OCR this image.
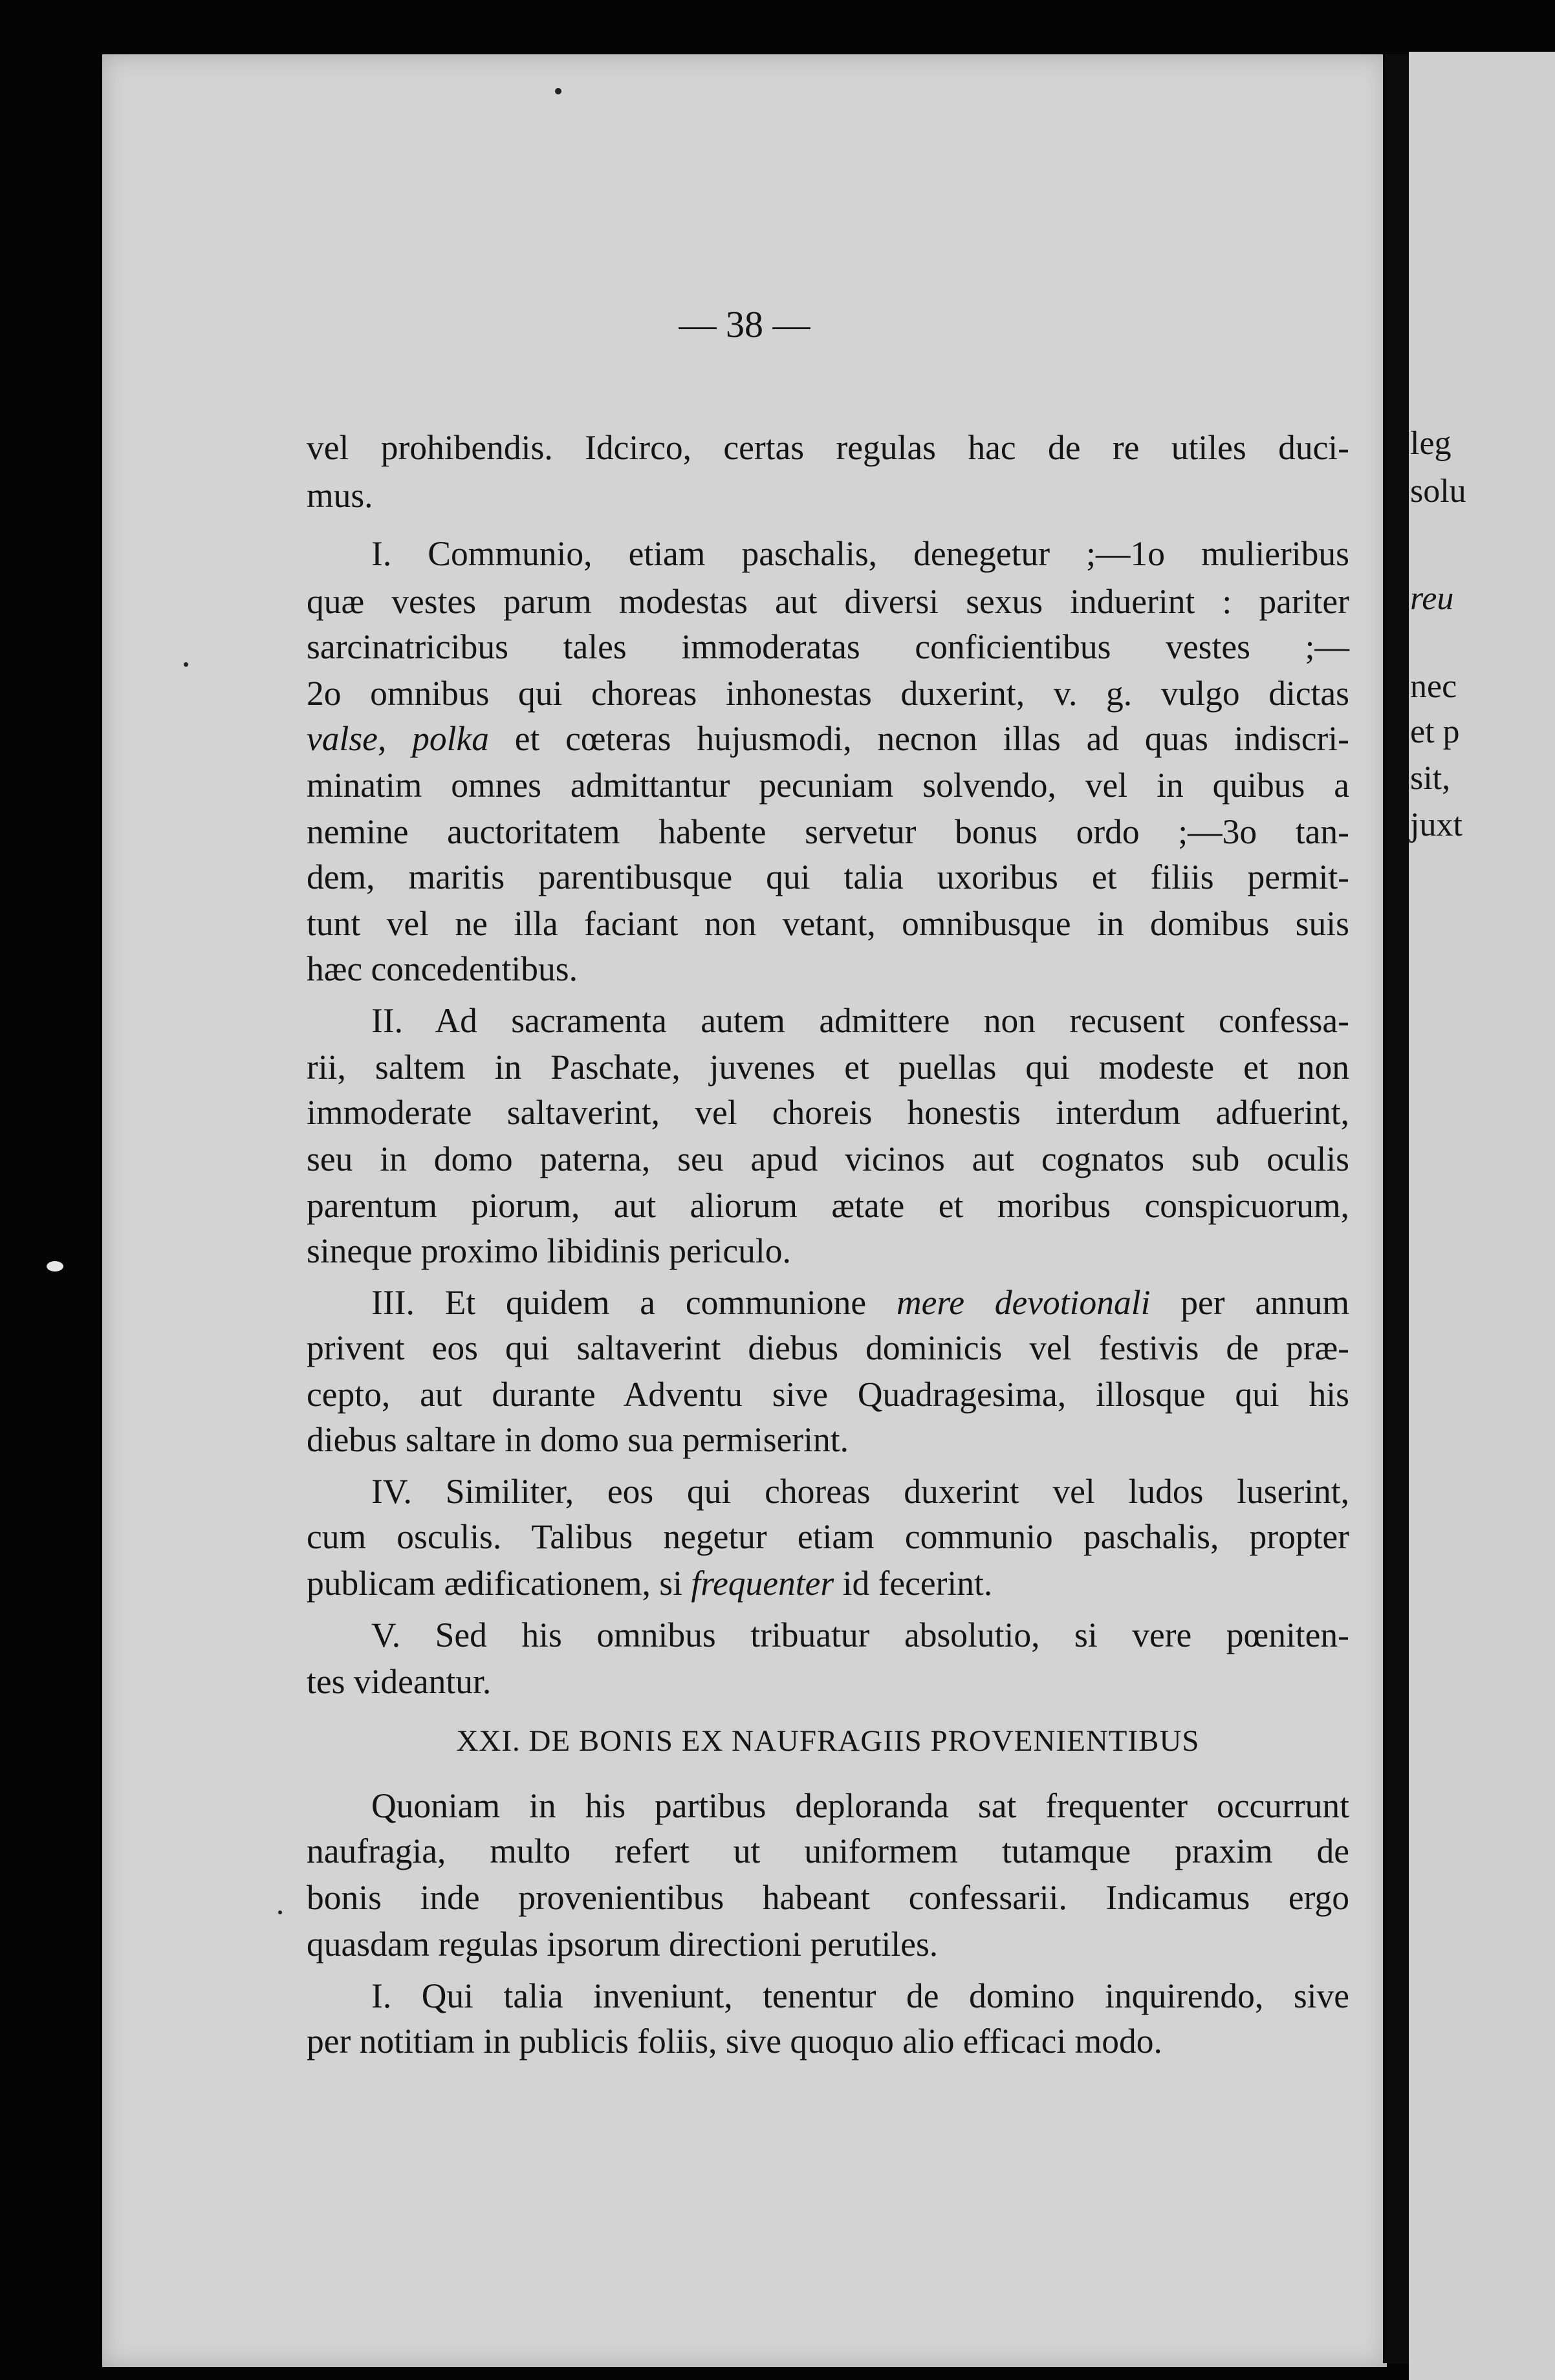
— 38 —
vel prohibendis. Idcirco, certas regulas hac de re utiles duci-
mus.
I. Communio, etiam paschalis, denegetur ;—1o mulieribus
quæ vestes parum modestas aut diversi sexus induerint : pariter
sarcinatricibus tales immoderatas conficientibus vestes ;—
2o omnibus qui choreas inhonestas duxerint, v. g. vulgo dictas
valse, polka et cœteras hujusmodi, necnon illas ad quas indiscri-
minatim omnes admittantur pecuniam solvendo, vel in quibus a
nemine auctoritatem habente servetur bonus ordo ;—3o tan-
dem, maritis parentibusque qui talia uxoribus et filiis permit-
tunt vel ne illa faciant non vetant, omnibusque in domibus suis
hæc concedentibus.
II. Ad sacramenta autem admittere non recusent confessa-
rii, saltem in Paschate, juvenes et puellas qui modeste et non
immoderate saltaverint, vel choreis honestis interdum adfuerint,
seu in domo paterna, seu apud vicinos aut cognatos sub oculis
parentum piorum, aut aliorum ætate et moribus conspicuorum,
sineque proximo libidinis periculo.
III. Et quidem a communione mere devotionali per annum
privent eos qui saltaverint diebus dominicis vel festivis de præ-
cepto, aut durante Adventu sive Quadragesima, illosque qui his
diebus saltare in domo sua permiserint.
IV. Similiter, eos qui choreas duxerint vel ludos luserint,
cum osculis. Talibus negetur etiam communio paschalis, propter
publicam ædificationem, si frequenter id fecerint.
V. Sed his omnibus tribuatur absolutio, si vere pœniten-
tes videantur.
XXI. DE BONIS EX NAUFRAGIIS PROVENIENTIBUS
Quoniam in his partibus deploranda sat frequenter occurrunt
naufragia, multo refert ut uniformem tutamque praxim de
bonis inde provenientibus habeant confessarii. Indicamus ergo
quasdam regulas ipsorum directioni perutiles.
I. Qui talia inveniunt, tenentur de domino inquirendo, sive
per notitiam in publicis foliis, sive quoquo alio efficaci modo.
leg
solu
reu
nec
et p
sit,
juxt
